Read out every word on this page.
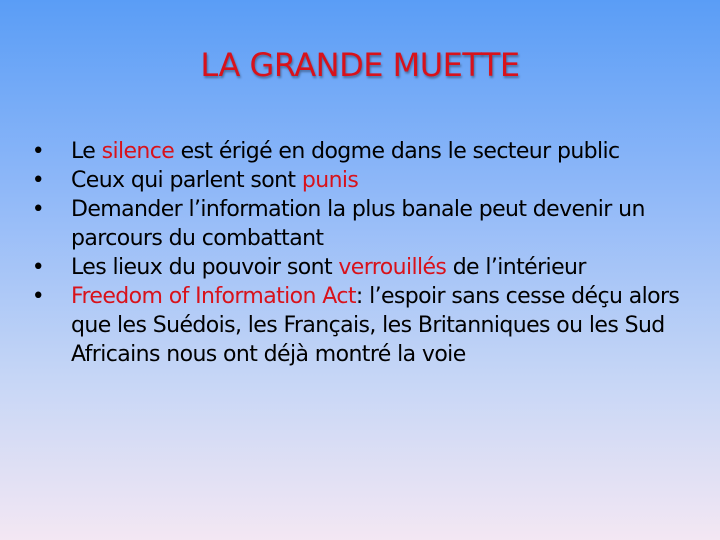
LA GRANDE MUETTE
• Le silence est érigé en dogme dans le secteur public
• Ceux qui parlent sont punis
• Demander l’information la plus banale peut devenir un parcours du combattant
• Les lieux du pouvoir sont verrouillés de l’intérieur
• Freedom of Information Act: l’espoir sans cesse déçu alors que les Suédois, les Français, les Britanniques ou les Sud Africains nous ont déjà montré la voie
